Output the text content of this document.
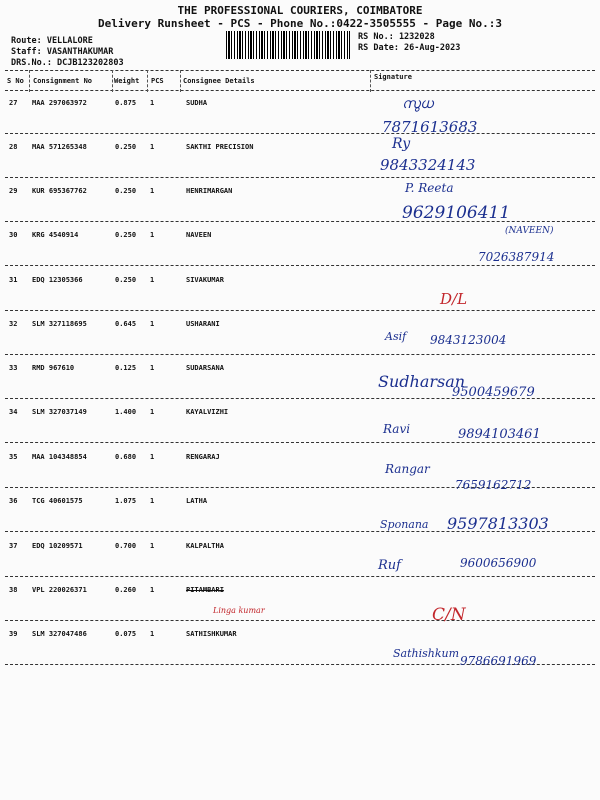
THE PROFESSIONAL COURIERS, COIMBATORE
Delivery Runsheet - PCS - Phone No.:0422-3505555 - Page No.:3
Route: VELLALORE
Staff: VASANTHAKUMAR
DRS.No.: DCJB123202803
RS No.: 1232028
RS Date: 26-Aug-2023
S No Consignment No	Weight PCS	Consignee Details	Signature
27 MAA 297063972	0.875 1	SUDHA	സുധ
7871613683
28 MAA 571265348	0.250 1	SAKTHI PRECISION	Ry
9843324143
29 KUR 695367762	0.250 1	HENRIMARGAN	P. Reeta
9629106411
30 KRG 4540914	0.250 1	NAVEEN	(NAVEEN)
7026387914
31 EDQ 12305366	0.250 1	SIVAKUMAR
D/L
32 SLM 327118695	0.645 1	USHARANI
Asif 9843123004
33 RMD 967610	0.125 1	SUDARSANA
Sudharsan
9500459679
34 SLM 327037149	1.400 1	KAYALVIZHI
Ravi	9894103461
35 MAA 104348854	0.680 1	RENGARAJ
Rangar
7659162712
36 TCG 40601575	1.075 1	LATHA
Sponana 9597813303
37 EDQ 10209571	0.700 1	KALPALTHA
Ruf	9600656900
38 VPL 220026371	0.260 1	PITAMBARI
C/N
Linga kumar
39 SLM 327047486	0.075 1	SATHISHKUMAR
Sathishkum
9786691969
